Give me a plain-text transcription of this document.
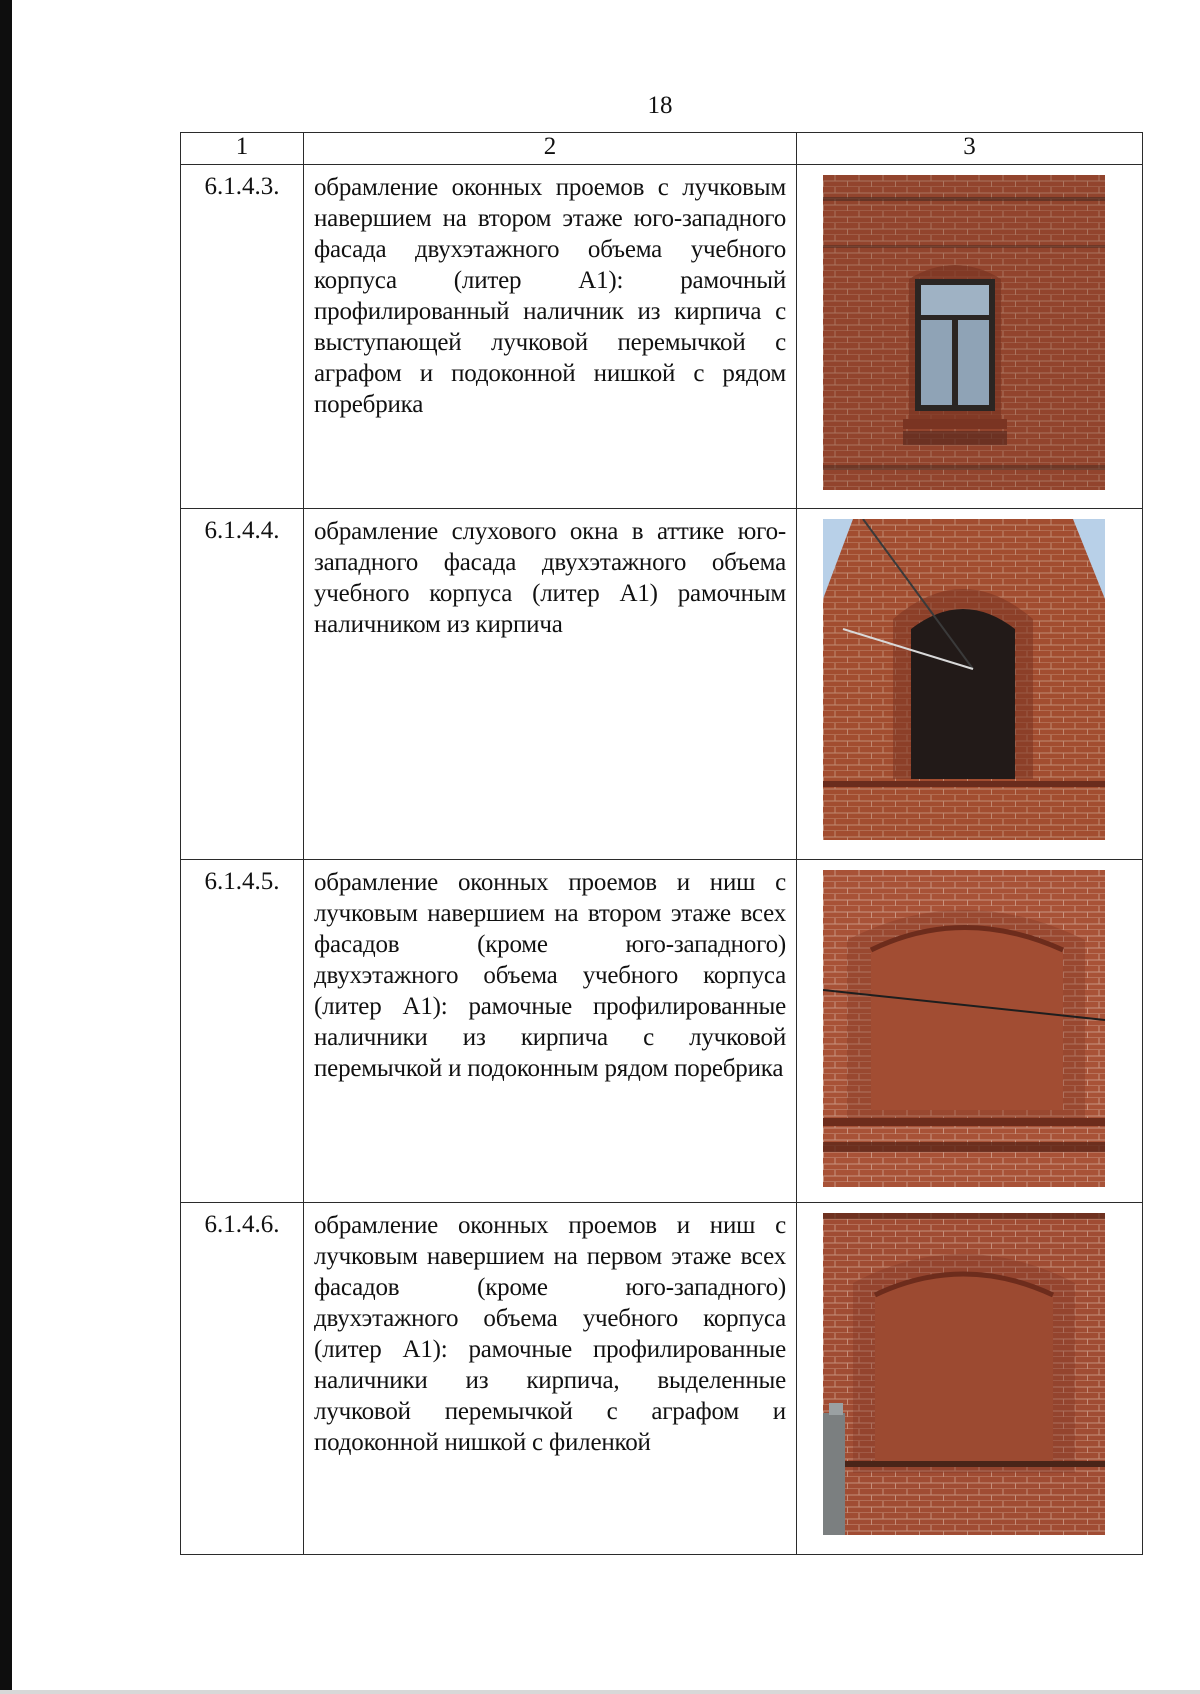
18
1	2	3
6.1.4.3.	обрамление оконных проемов с лучковым навершием на втором этаже юго-западного фасада двухэтажного объема учебного корпуса (литер А1): рамочный профилированный наличник из кирпича с выступающей лучковой перемычкой с аграфом и подоконной нишкой с рядом поребрика	

6.1.4.4.	обрамление слухового окна в аттике юго-западного фасада двухэтажного объема учебного корпуса (литер А1) рамочным наличником из кирпича	

6.1.4.5.	обрамление оконных проемов и ниш с лучковым навершием на втором этаже всех фасадов (кроме юго-западного) двухэтажного объема учебного корпуса (литер А1): рамочные профилированные наличники из кирпича с лучковой перемычкой и подоконным рядом поребрика	

6.1.4.6.	обрамление оконных проемов и ниш с лучковым навершием на первом этаже всех фасадов (кроме юго-западного) двухэтажного объема учебного корпуса (литер А1): рамочные профилированные наличники из кирпича, выделенные лучковой перемычкой с аграфом и подоконной нишкой с филенкой	
